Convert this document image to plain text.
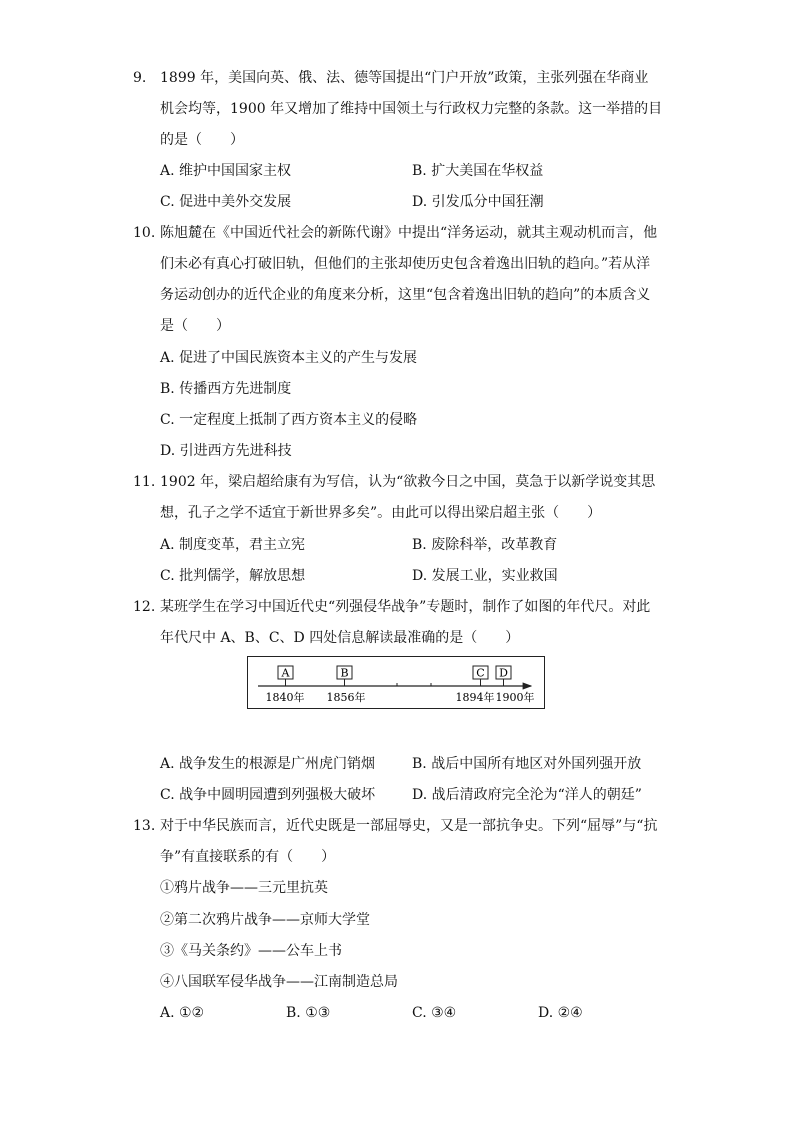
9. 1899 年，美国向英、俄、法、德等国提出“门户开放”政策，主张列强在华商业
机会均等，1900 年又增加了维持中国领土与行政权力完整的条款。这一举措的目
的是（　　）
A. 维护中国国家主权	B. 扩大美国在华权益
C. 促进中美外交发展	D. 引发瓜分中国狂潮
10. 陈旭麓在《中国近代社会的新陈代谢》中提出“洋务运动，就其主观动机而言，他
们未必有真心打破旧轨，但他们的主张却使历史包含着逸出旧轨的趋向。”若从洋
务运动创办的近代企业的角度来分析，这里“包含着逸出旧轨的趋向”的本质含义
是（　　）
A. 促进了中国民族资本主义的产生与发展
B. 传播西方先进制度
C. 一定程度上抵制了西方资本主义的侵略
D. 引进西方先进科技
11. 1902 年，梁启超给康有为写信，认为“欲救今日之中国，莫急于以新学说变其思
想，孔子之学不适宜于新世界多矣”。由此可以得出梁启超主张（　　）
A. 制度变革，君主立宪	B. 废除科举，改革教育
C. 批判儒学，解放思想	D. 发展工业，实业救国
12. 某班学生在学习中国近代史“列强侵华战争”专题时，制作了如图的年代尺。对此
年代尺中 A、B、C、D 四处信息解读最准确的是（　　）
A	B	C D
1840年 1856年	1894年 1900年
A. 战争发生的根源是广州虎门销烟	B. 战后中国所有地区对外国列强开放
C. 战争中圆明园遭到列强极大破坏	D. 战后清政府完全沦为“洋人的朝廷”
13. 对于中华民族而言，近代史既是一部屈辱史，又是一部抗争史。下列“屈辱”与“抗
争”有直接联系的有（　　）
①鸦片战争——三元里抗英
②第二次鸦片战争——京师大学堂
③《马关条约》——公车上书
④八国联军侵华战争——江南制造总局
A. ①②	B. ①③	C. ③④	D. ②④
